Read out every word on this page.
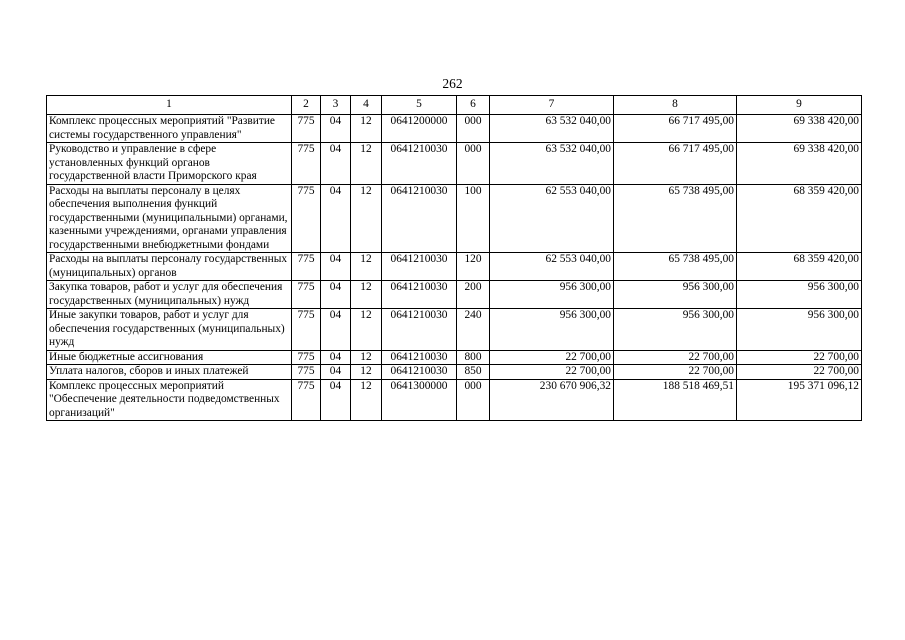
262
1	2	3	4	5	6	7	8	9
Комплекс процессных мероприятий "Развитие системы государственного управления"	775	04	12	0641200000	000	63 532 040,00	66 717 495,00	69 338 420,00
Руководство и управление в сфере установленных функций органов государственной власти Приморского края	775	04	12	0641210030	000	63 532 040,00	66 717 495,00	69 338 420,00
Расходы на выплаты персоналу в целях обеспечения выполнения функций государственными (муниципальными) органами, казенными учреждениями, органами управления государственными внебюджетными фондами	775	04	12	0641210030	100	62 553 040,00	65 738 495,00	68 359 420,00
Расходы на выплаты персоналу государственных (муниципальных) органов	775	04	12	0641210030	120	62 553 040,00	65 738 495,00	68 359 420,00
Закупка товаров, работ и услуг для обеспечения государственных (муниципальных) нужд	775	04	12	0641210030	200	956 300,00	956 300,00	956 300,00
Иные закупки товаров, работ и услуг для обеспечения государственных (муниципальных) нужд	775	04	12	0641210030	240	956 300,00	956 300,00	956 300,00
Иные бюджетные ассигнования	775	04	12	0641210030	800	22 700,00	22 700,00	22 700,00
Уплата налогов, сборов и иных платежей	775	04	12	0641210030	850	22 700,00	22 700,00	22 700,00
Комплекс процессных мероприятий "Обеспечение деятельности подведомственных организаций"	775	04	12	0641300000	000	230 670 906,32	188 518 469,51	195 371 096,12
